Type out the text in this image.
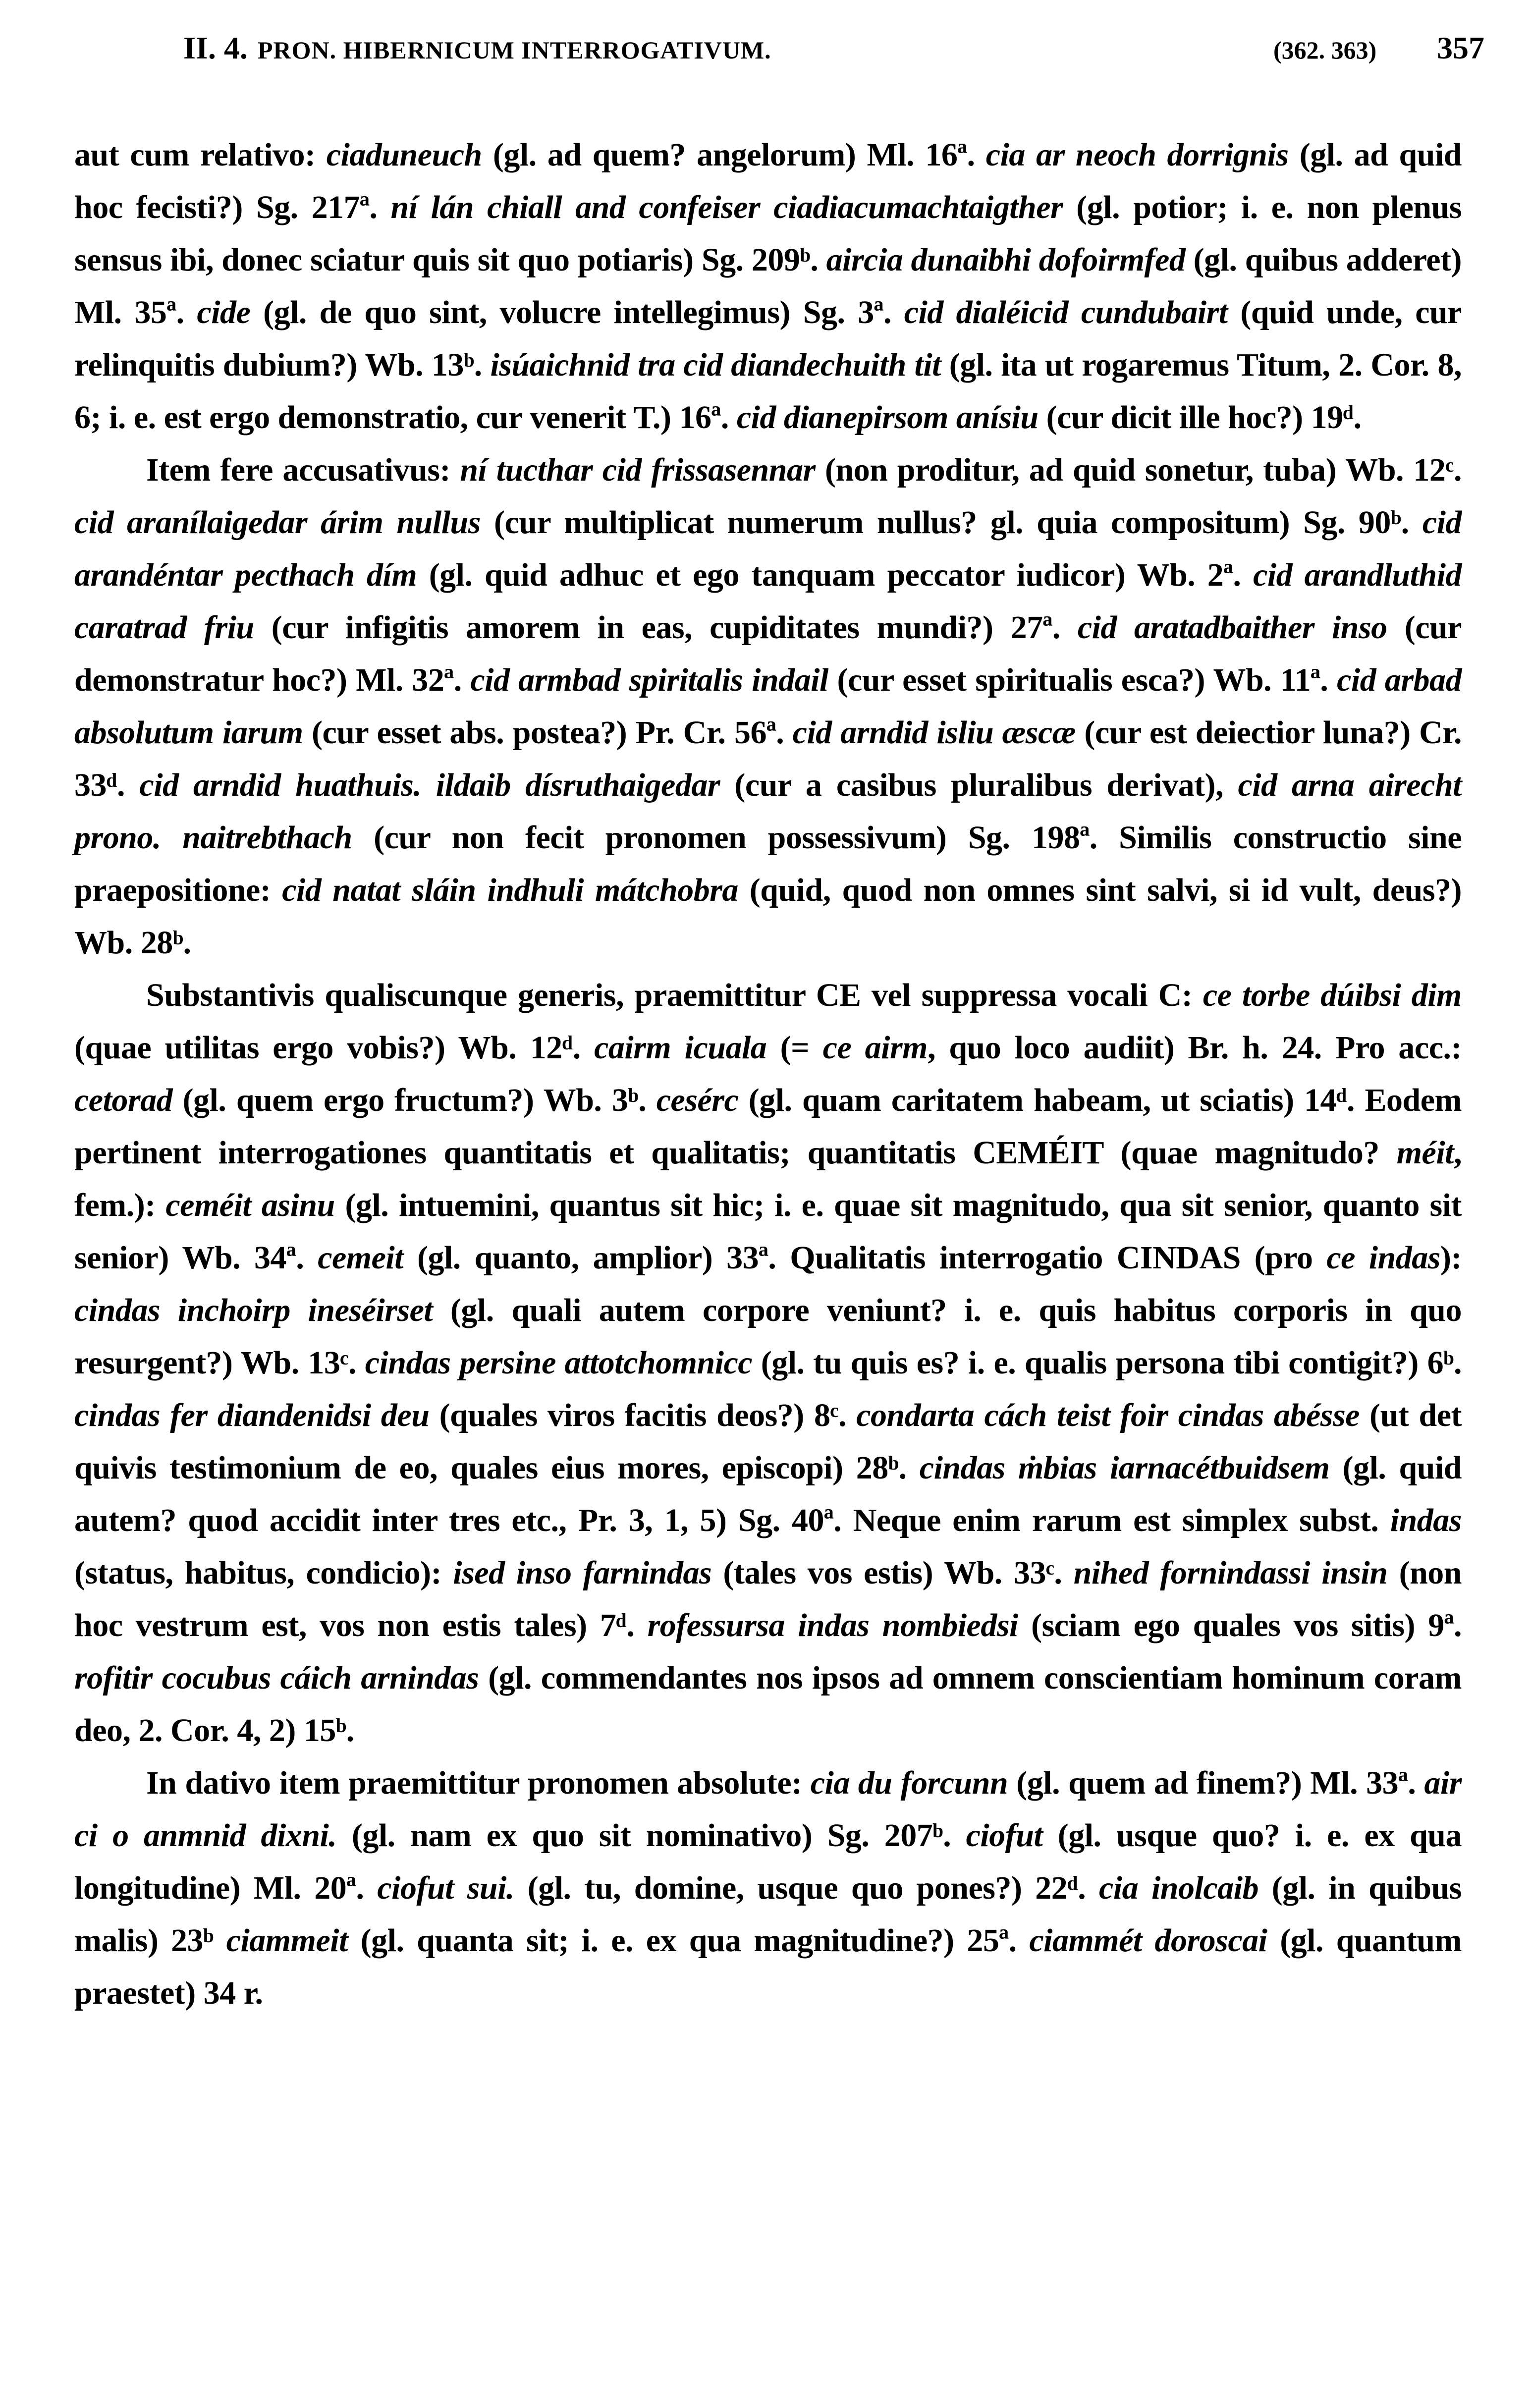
II. 4. PRON. HIBERNICUM INTERROGATIVUM.	(362. 363) 357

aut cum relativo: ciaduneuch (gl. ad quem? angelorum) Ml. 16ª. cia ar neoch dorrignis (gl. ad quid hoc fecisti?) Sg. 217ª. ní lán chiall and confeiser ciadiacumachtaigther (gl. potior; i. e. non plenus sensus ibi, donec sciatur quis sit quo potiaris) Sg. 209ᵇ. aircia dunaibhi dofoirmfed (gl. quibus adderet) Ml. 35ª. cide (gl. de quo sint, volucre intellegimus) Sg. 3ª. cid dialéicid cundubairt (quid unde, cur relinquitis dubium?) Wb. 13ᵇ. isúaichnid tra cid diandechuith tit (gl. ita ut rogaremus Titum, 2. Cor. 8, 6; i. e. est ergo demonstratio, cur venerit T.) 16ª. cid dianepirsom anísiu (cur dicit ille hoc?) 19ᵈ.

Item fere accusativus: ní tucthar cid frissasennar (non proditur, ad quid sonetur, tuba) Wb. 12ᶜ. cid aranílaigedar árim nullus (cur multiplicat numerum nullus? gl. quia compositum) Sg. 90ᵇ. cid arandéntar pecthach dím (gl. quid adhuc et ego tanquam peccator iudicor) Wb. 2ª. cid arandluthid caratrad friu (cur infigitis amorem in eas, cupiditates mundi?) 27ª. cid aratadbaither inso (cur demonstratur hoc?) Ml. 32ª. cid armbad spiritalis indail (cur esset spiritualis esca?) Wb. 11ª. cid arbad absolutum iarum (cur esset abs. postea?) Pr. Cr. 56ª. cid arndid isliu æscæ (cur est deiectior luna?) Cr. 33ᵈ. cid arndid huathuis. ildaib dísruthaigedar (cur a casibus pluralibus derivat), cid arna airecht prono. naitrebthach (cur non fecit pronomen possessivum) Sg. 198ª. Similis constructio sine praepositione: cid natat sláin indhuli mátchobra (quid, quod non omnes sint salvi, si id vult, deus?) Wb. 28ᵇ.

Substantivis qualiscunque generis, praemittitur CE vel suppressa vocali C: ce torbe dúibsi dim (quae utilitas ergo vobis?) Wb. 12ᵈ. cairm icuala (= ce airm, quo loco audiit) Br. h. 24. Pro acc.: cetorad (gl. quem ergo fructum?) Wb. 3ᵇ. cesérc (gl. quam caritatem habeam, ut sciatis) 14ᵈ. Eodem pertinent interrogationes quantitatis et qualitatis; quantitatis CEMÉIT (quae magnitudo? méit, fem.): ceméit asinu (gl. intuemini, quantus sit hic; i. e. quae sit magnitudo, qua sit senior, quanto sit senior) Wb. 34ª. cemeit (gl. quanto, amplior) 33ª. Qualitatis interrogatio CINDAS (pro ce indas): cindas inchoirp ineséirset (gl. quali autem corpore veniunt? i. e. quis habitus corporis in quo resurgent?) Wb. 13ᶜ. cindas persine attotchomnicc (gl. tu quis es? i. e. qualis persona tibi contigit?) 6ᵇ. cindas fer diandenidsi deu (quales viros facitis deos?) 8ᶜ. condarta cách teist foir cindas abésse (ut det quivis testimonium de eo, quales eius mores, episcopi) 28ᵇ. cindas ṁbias iarnacétbuidsem (gl. quid autem? quod accidit inter tres etc., Pr. 3, 1, 5) Sg. 40ª. Neque enim rarum est simplex subst. indas (status, habitus, condicio): ised inso farnindas (tales vos estis) Wb. 33ᶜ. nihed fornindassi insin (non hoc vestrum est, vos non estis tales) 7ᵈ. rofessursa indas nombiedsi (sciam ego quales vos sitis) 9ª. rofitir cocubus cáich arnindas (gl. commendantes nos ipsos ad omnem conscientiam hominum coram deo, 2. Cor. 4, 2) 15ᵇ.

In dativo item praemittitur pronomen absolute: cia du forcunn (gl. quem ad finem?) Ml. 33ª. air ci o anmnid dixni. (gl. nam ex quo sit nominativo) Sg. 207ᵇ. ciofut (gl. usque quo? i. e. ex qua longitudine) Ml. 20ª. ciofut sui. (gl. tu, domine, usque quo pones?) 22ᵈ. cia inolcaib (gl. in quibus malis) 23ᵇ ciammeit (gl. quanta sit; i. e. ex qua magnitudine?) 25ª. ciammét doroscai (gl. quantum praestet) 34 r.
